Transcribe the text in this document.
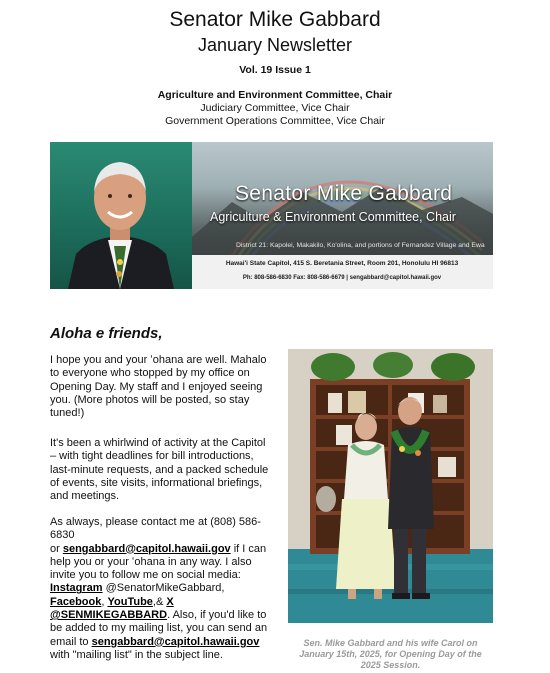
Senator Mike Gabbard
January Newsletter
Vol. 19 Issue 1
Agriculture and Environment Committee, Chair
Judiciary Committee, Vice Chair
Government Operations Committee, Vice Chair
Senator Mike Gabbard
Agriculture & Environment Committee, Chair
District 21: Kapolei, Makakilo, Ko'olina, and portions of Fernandez Village and Ewa
Hawai'i State Capitol, 415 S. Beretania Street, Room 201, Honolulu HI 96813
Ph: 808-586-6830 Fax: 808-586-6679 | sengabbard@capitol.hawaii.gov
Aloha e friends,
I hope you and your ʻohana are well. Mahalo to everyone who stopped by my office on Opening Day. My staff and I enjoyed seeing you. (More photos will be posted, so stay tuned!)
It's been a whirlwind of activity at the Capitol – with tight deadlines for bill introductions, last-minute requests, and a packed schedule of events, site visits, informational briefings, and meetings.
As always, please contact me at (808) 586-6830
or sengabbard@capitol.hawaii.gov if I can help you or your ʻohana in any way. I also invite you to follow me on social media: Instagram @SenatorMikeGabbard, Facebook, YouTube,& X @SENMIKEGABBARD. Also, if you'd like to be added to my mailing list, you can send an email to sengabbard@capitol.hawaii.gov with "mailing list" in the subject line.
Sen. Mike Gabbard and his wife Carol on January 15th, 2025, for Opening Day of the 2025 Session.
